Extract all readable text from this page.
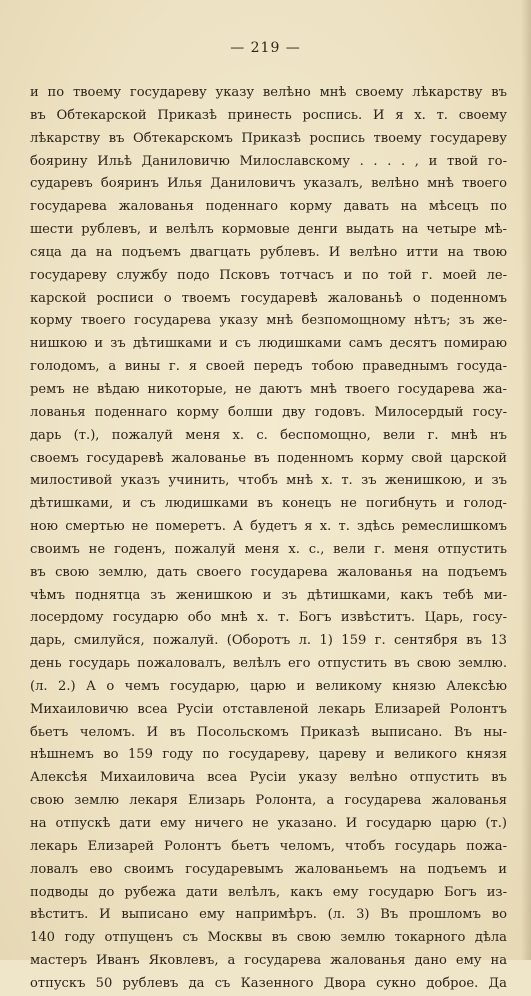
— 219 —
и по твоему государеву указу велѣно мнѣ своему лѣкарству въ
въ Обтекарской Приказѣ принесть роспись. И я х. т. своему
лѣкарству въ Обтекарскомъ Приказѣ роспись твоему государеву
боярину Ильѣ Даниловичю Милославскому . . . . , и твой го-
сударевъ бояринъ Илья Даниловичъ указалъ, велѣно мнѣ твоего
государева жалованья поденнаго корму давать на мѣсецъ по
шести рублевъ, и велѣлъ кормовые денги выдать на четыре мѣ-
сяца да на подъемъ двагцать рублевъ. И велѣно итти на твою
государеву службу подо Псковъ тотчасъ и по той г. моей ле-
карской росписи о твоемъ государевѣ жалованьѣ о поденномъ
корму твоего государева указу мнѣ безпомощному нѣтъ; зъ же-
нишкою и зъ дѣтишками и съ людишками самъ десятъ помираю
голодомъ, а вины г. я своей передъ тобою праведнымъ госуда-
ремъ не вѣдаю никоторые, не даютъ мнѣ твоего государева жа-
лованья поденнаго корму болши дву годовъ. Милосердый госу-
дарь (т.), пожалуй меня х. с. беспомощно, вели г. мнѣ нъ
своемъ государевѣ жалованье въ поденномъ корму свой царской
милостивой указъ учинить, чтобъ мнѣ х. т. зъ женишкою, и зъ
дѣтишками, и съ людишками въ конецъ не погибнуть и голод-
ною смертью не померетъ. А будетъ я х. т. здѣсь ремеслишкомъ
своимъ не годенъ, пожалуй меня х. с., вели г. меня отпустить
въ свою землю, дать своего государева жалованья на подъемъ
чѣмъ поднятца зъ женишкою и зъ дѣтишками, какъ тебѣ ми-
лосердому государю обо мнѣ х. т. Богъ извѣститъ. Царь, госу-
дарь, смилуйся, пожалуй. (Оборотъ л. 1) 159 г. сентября въ 13
день государь пожаловалъ, велѣлъ его отпустить въ свою землю.
(л. 2.) А о чемъ государю, царю и великому князю Алексѣю
Михаиловичю всеа Русіи отставленой лекарь Елизарей Ролонтъ
бьетъ челомъ. И въ Посольскомъ Приказѣ выписано. Въ ны-
нѣшнемъ во 159 году по государеву, цареву и великого князя
Алексѣя Михаиловича всеа Русіи указу велѣно отпустить въ
свою землю лекаря Елизарь Ролонта, а государева жалованья
на отпускѣ дати ему ничего не указано. И государю царю (т.)
лекарь Елизарей Ролонтъ бьетъ челомъ, чтобъ государь пожа-
ловалъ ево своимъ государевымъ жалованьемъ на подъемъ и
подводы до рубежа дати велѣлъ, какъ ему государю Богъ из-
вѣститъ. И выписано ему напримѣръ. (л. 3) Въ прошломъ во
140 году отпущенъ съ Москвы въ свою землю токарного дѣла
мастеръ Иванъ Яковлевъ, а государева жалованья дано ему на
отпускъ 50 рублевъ да съ Казенного Двора сукно доброе. Да
